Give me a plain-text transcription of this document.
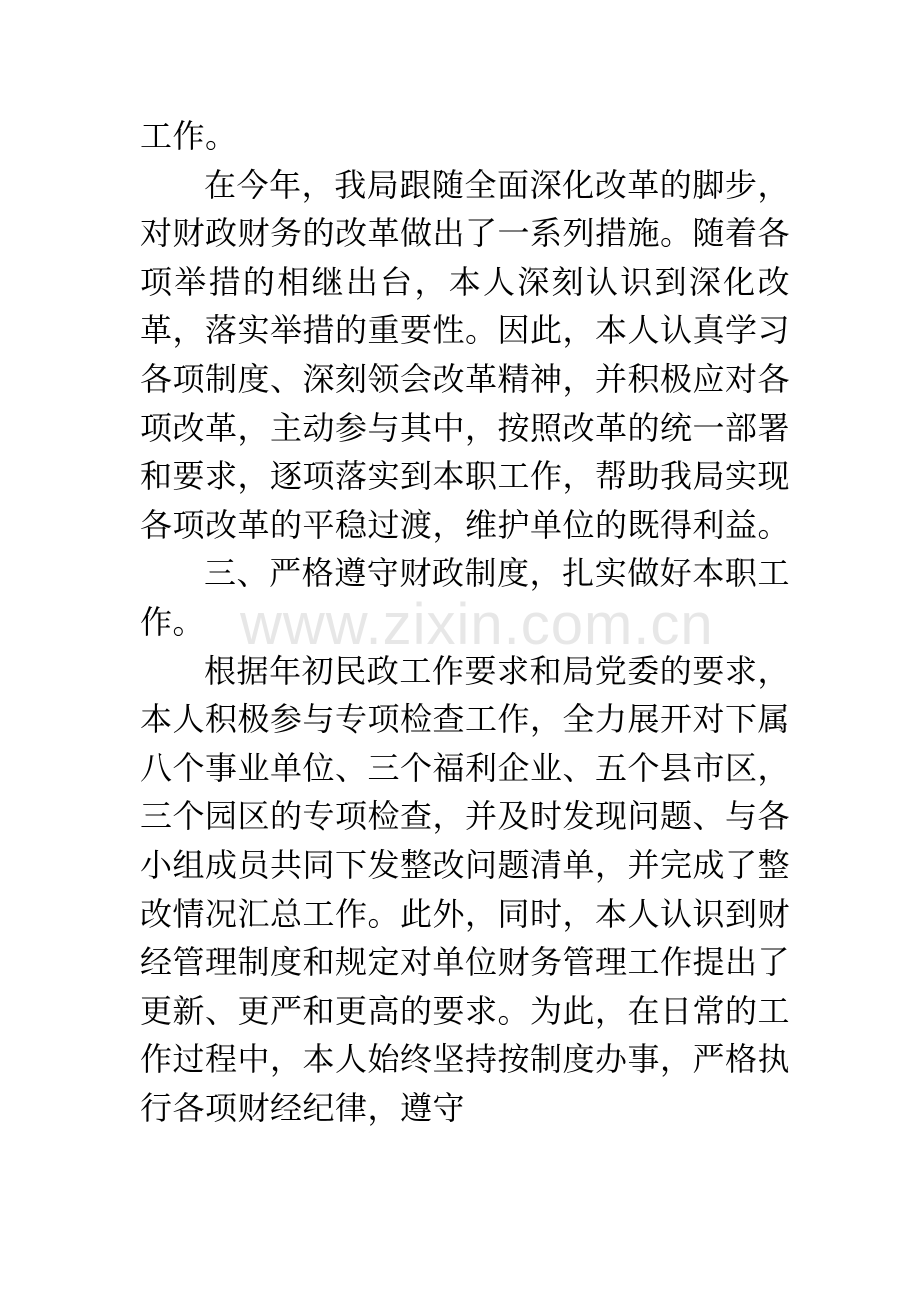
工作。

在今年，我局跟随全面深化改革的脚步，对财政财务的改革做出了一系列措施。随着各项举措的相继出台，本人深刻认识到深化改革，落实举措的重要性。因此，本人认真学习各项制度、深刻领会改革精神，并积极应对各项改革，主动参与其中，按照改革的统一部署和要求，逐项落实到本职工作，帮助我局实现各项改革的平稳过渡，维护单位的既得利益。

三、严格遵守财政制度，扎实做好本职工作。

根据年初民政工作要求和局党委的要求，本人积极参与专项检查工作，全力展开对下属八个事业单位、三个福利企业、五个县市区，三个园区的专项检查，并及时发现问题、与各小组成员共同下发整改问题清单，并完成了整改情况汇总工作。此外，同时，本人认识到财经管理制度和规定对单位财务管理工作提出了更新、更严和更高的要求。为此，在日常的工作过程中，本人始终坚持按制度办事，严格执行各项财经纪律，遵守

www.zixin.com.cn
